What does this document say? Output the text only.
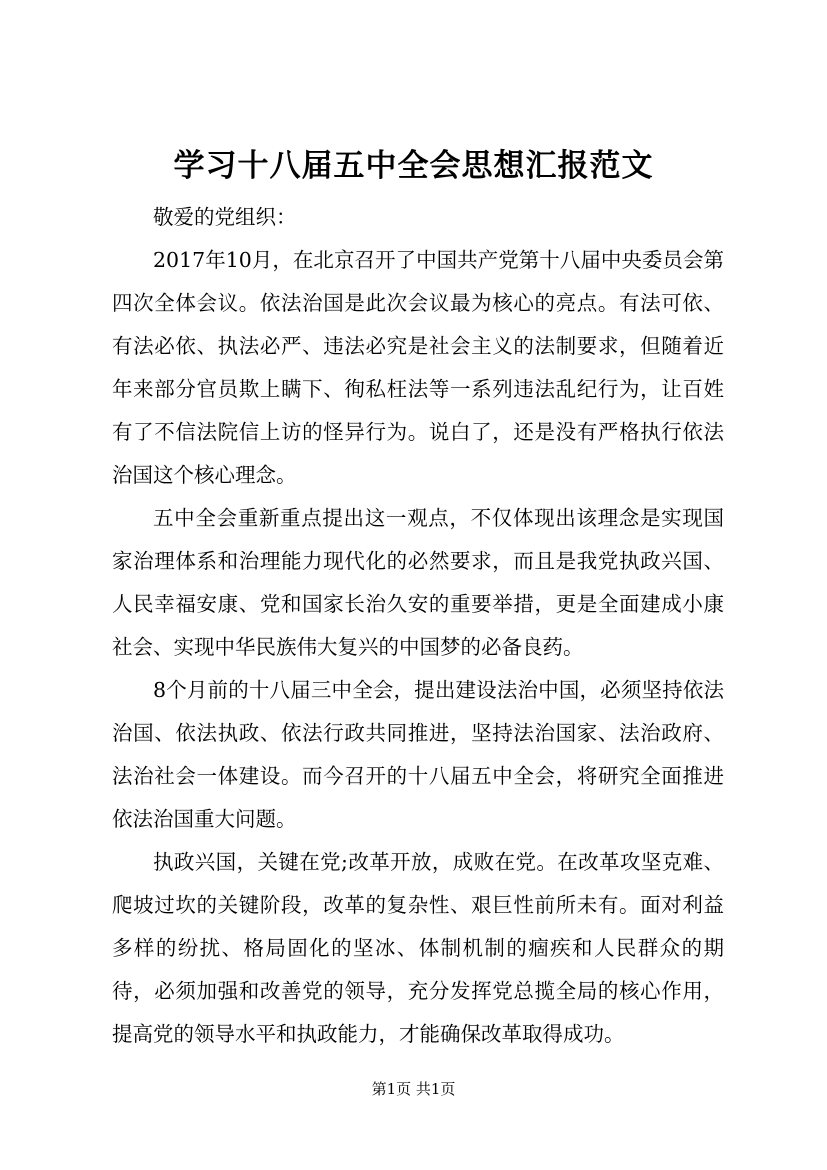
学习十八届五中全会思想汇报范文

敬爱的党组织：

2017年10月，在北京召开了中国共产党第十八届中央委员会第四次全体会议。依法治国是此次会议最为核心的亮点。有法可依、有法必依、执法必严、违法必究是社会主义的法制要求，但随着近年来部分官员欺上瞒下、徇私枉法等一系列违法乱纪行为，让百姓有了不信法院信上访的怪异行为。说白了，还是没有严格执行依法治国这个核心理念。

五中全会重新重点提出这一观点，不仅体现出该理念是实现国家治理体系和治理能力现代化的必然要求，而且是我党执政兴国、人民幸福安康、党和国家长治久安的重要举措，更是全面建成小康社会、实现中华民族伟大复兴的中国梦的必备良药。

8个月前的十八届三中全会，提出建设法治中国，必须坚持依法治国、依法执政、依法行政共同推进，坚持法治国家、法治政府、法治社会一体建设。而今召开的十八届五中全会，将研究全面推进依法治国重大问题。

执政兴国，关键在党;改革开放，成败在党。在改革攻坚克难、爬坡过坎的关键阶段，改革的复杂性、艰巨性前所未有。面对利益多样的纷扰、格局固化的坚冰、体制机制的痼疾和人民群众的期待，必须加强和改善党的领导，充分发挥党总揽全局的核心作用，提高党的领导水平和执政能力，才能确保改革取得成功。

第1页 共1页
